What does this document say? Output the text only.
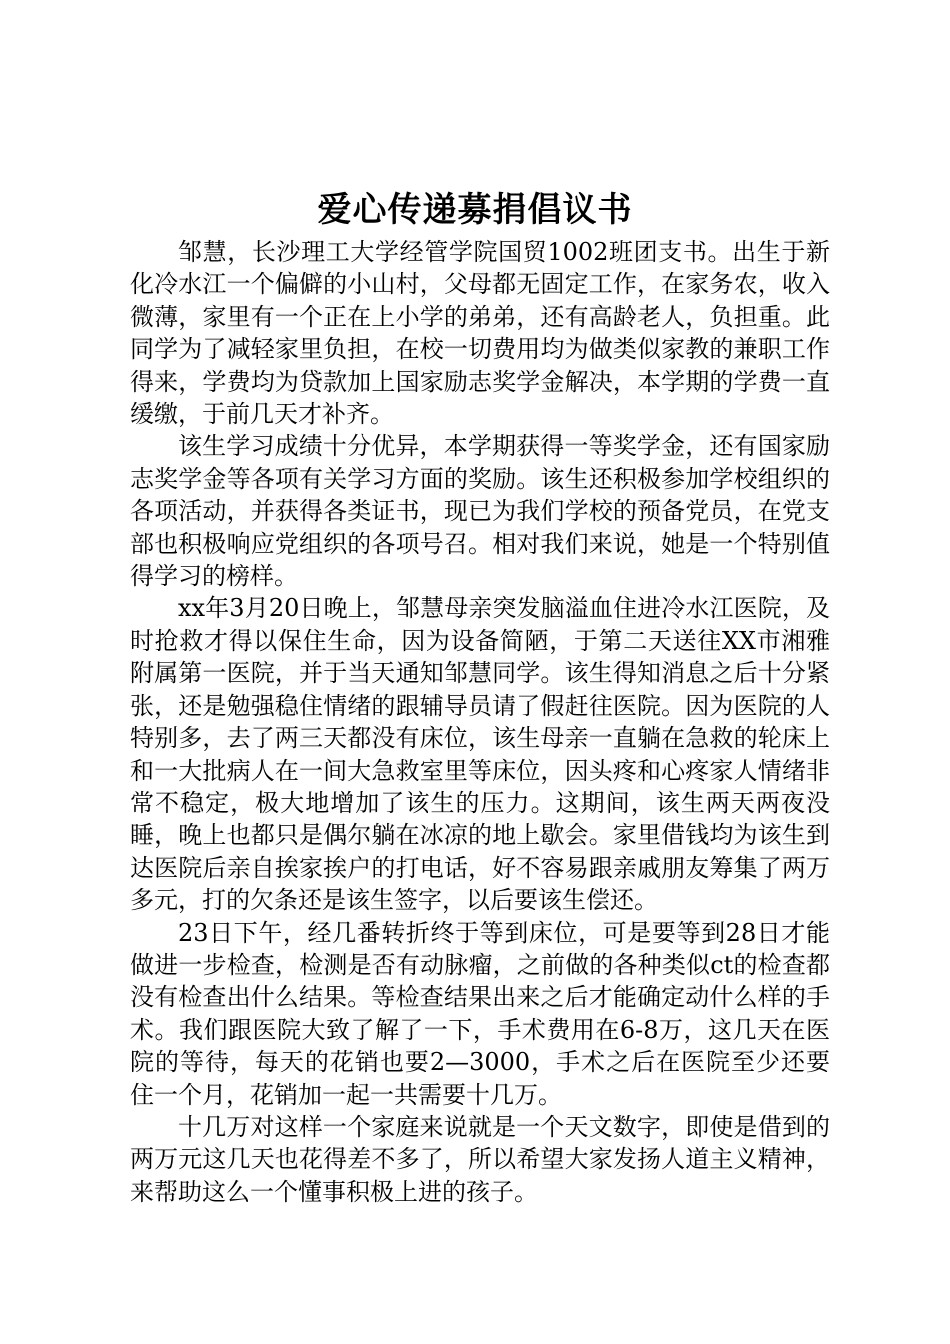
爱心传递募捐倡议书

邹慧，长沙理工大学经管学院国贸1002班团支书。出生于新化冷水江一个偏僻的小山村，父母都无固定工作，在家务农，收入微薄，家里有一个正在上小学的弟弟，还有高龄老人，负担重。此同学为了减轻家里负担，在校一切费用均为做类似家教的兼职工作得来，学费均为贷款加上国家励志奖学金解决，本学期的学费一直缓缴，于前几天才补齐。

该生学习成绩十分优异，本学期获得一等奖学金，还有国家励志奖学金等各项有关学习方面的奖励。该生还积极参加学校组织的各项活动，并获得各类证书，现已为我们学校的预备党员，在党支部也积极响应党组织的各项号召。相对我们来说，她是一个特别值得学习的榜样。

xx年3月20日晚上，邹慧母亲突发脑溢血住进冷水江医院，及时抢救才得以保住生命，因为设备简陋，于第二天送往XX市湘雅附属第一医院，并于当天通知邹慧同学。该生得知消息之后十分紧张，还是勉强稳住情绪的跟辅导员请了假赶往医院。因为医院的人特别多，去了两三天都没有床位，该生母亲一直躺在急救的轮床上和一大批病人在一间大急救室里等床位，因头疼和心疼家人情绪非常不稳定，极大地增加了该生的压力。这期间，该生两天两夜没睡，晚上也都只是偶尔躺在冰凉的地上歇会。家里借钱均为该生到达医院后亲自挨家挨户的打电话，好不容易跟亲戚朋友筹集了两万多元，打的欠条还是该生签字，以后要该生偿还。

23日下午，经几番转折终于等到床位，可是要等到28日才能做进一步检查，检测是否有动脉瘤，之前做的各种类似ct的检查都没有检查出什么结果。等检查结果出来之后才能确定动什么样的手术。我们跟医院大致了解了一下，手术费用在6-8万，这几天在医院的等待，每天的花销也要2—3000，手术之后在医院至少还要住一个月，花销加一起一共需要十几万。

十几万对这样一个家庭来说就是一个天文数字，即使是借到的两万元这几天也花得差不多了，所以希望大家发扬人道主义精神，来帮助这么一个懂事积极上进的孩子。
